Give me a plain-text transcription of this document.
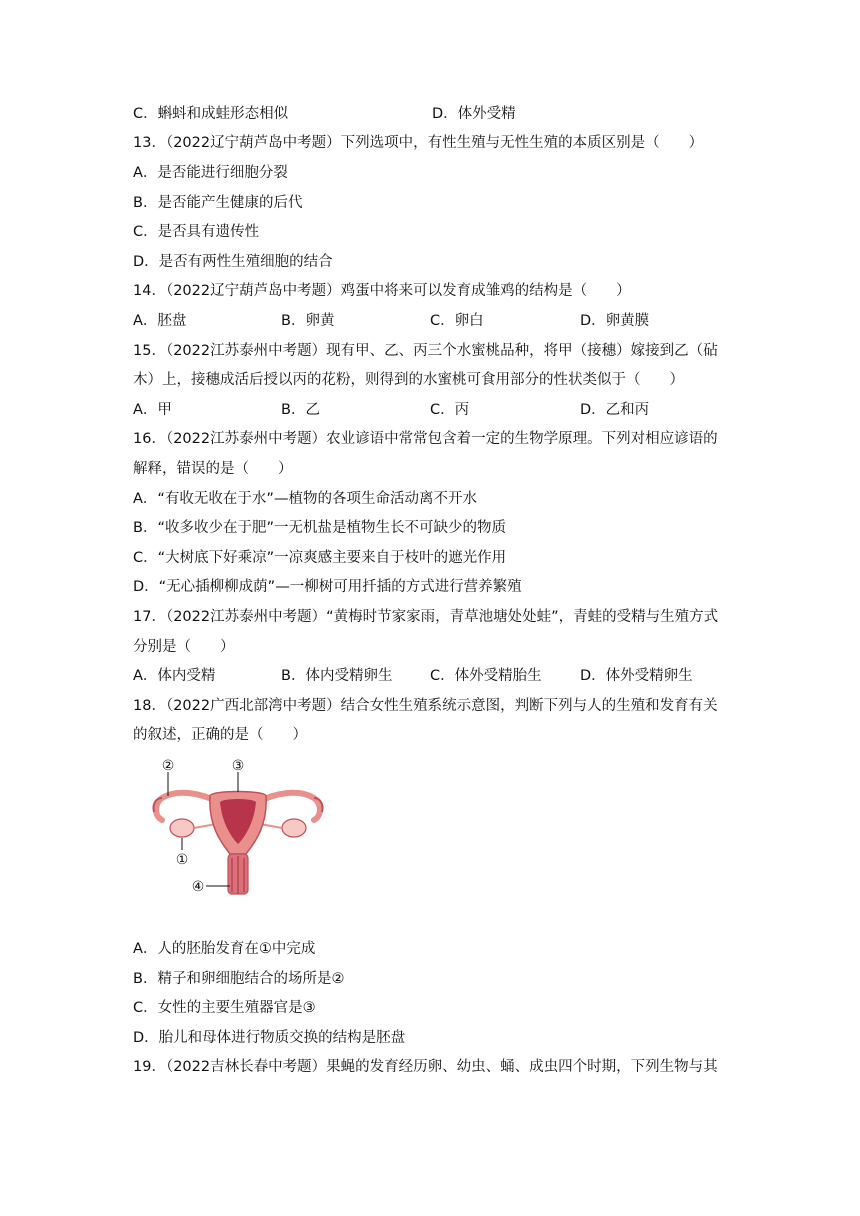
C．蝌蚪和成蛙形态相似	D．体外受精
13．（2022辽宁葫芦岛中考题）下列选项中，有性生殖与无性生殖的本质区别是（　　）
A．是否能进行细胞分裂
B．是否能产生健康的后代
C．是否具有遗传性
D．是否有两性生殖细胞的结合
14．（2022辽宁葫芦岛中考题）鸡蛋中将来可以发育成雏鸡的结构是（　　）
A．胚盘	B．卵黄	C．卵白	D．卵黄膜
15．（2022江苏泰州中考题）现有甲、乙、丙三个水蜜桃品种，将甲（接穗）嫁接到乙（砧
木）上，接穗成活后授以丙的花粉，则得到的水蜜桃可食用部分的性状类似于（　　）
A．甲	B．乙	C．丙	D．乙和丙
16．（2022江苏泰州中考题）农业谚语中常常包含着一定的生物学原理。下列对相应谚语的
解释，错误的是（　　）
A．“有收无收在于水”—植物的各项生命活动离不开水
B．“收多收少在于肥”一无机盐是植物生长不可缺少的物质
C．“大树底下好乘凉”一凉爽感主要来自于枝叶的遮光作用
D．“无心插柳柳成荫”—一柳树可用扦插的方式进行营养繁殖
17．（2022江苏泰州中考题）“黄梅时节家家雨，青草池塘处处蛙”，青蛙的受精与生殖方式
分别是（　　）
A．体内受精	B．体内受精卵生	C．体外受精胎生	D．体外受精卵生
18．（2022广西北部湾中考题）结合女性生殖系统示意图，判断下列与人的生殖和发育有关
的叙述，正确的是（　　）
②	③
①
④
A．人的胚胎发育在①中完成
B．精子和卵细胞结合的场所是②
C．女性的主要生殖器官是③
D．胎儿和母体进行物质交换的结构是胚盘
19．（2022吉林长春中考题）果蝇的发育经历卵、幼虫、蛹、成虫四个时期，下列生物与其
